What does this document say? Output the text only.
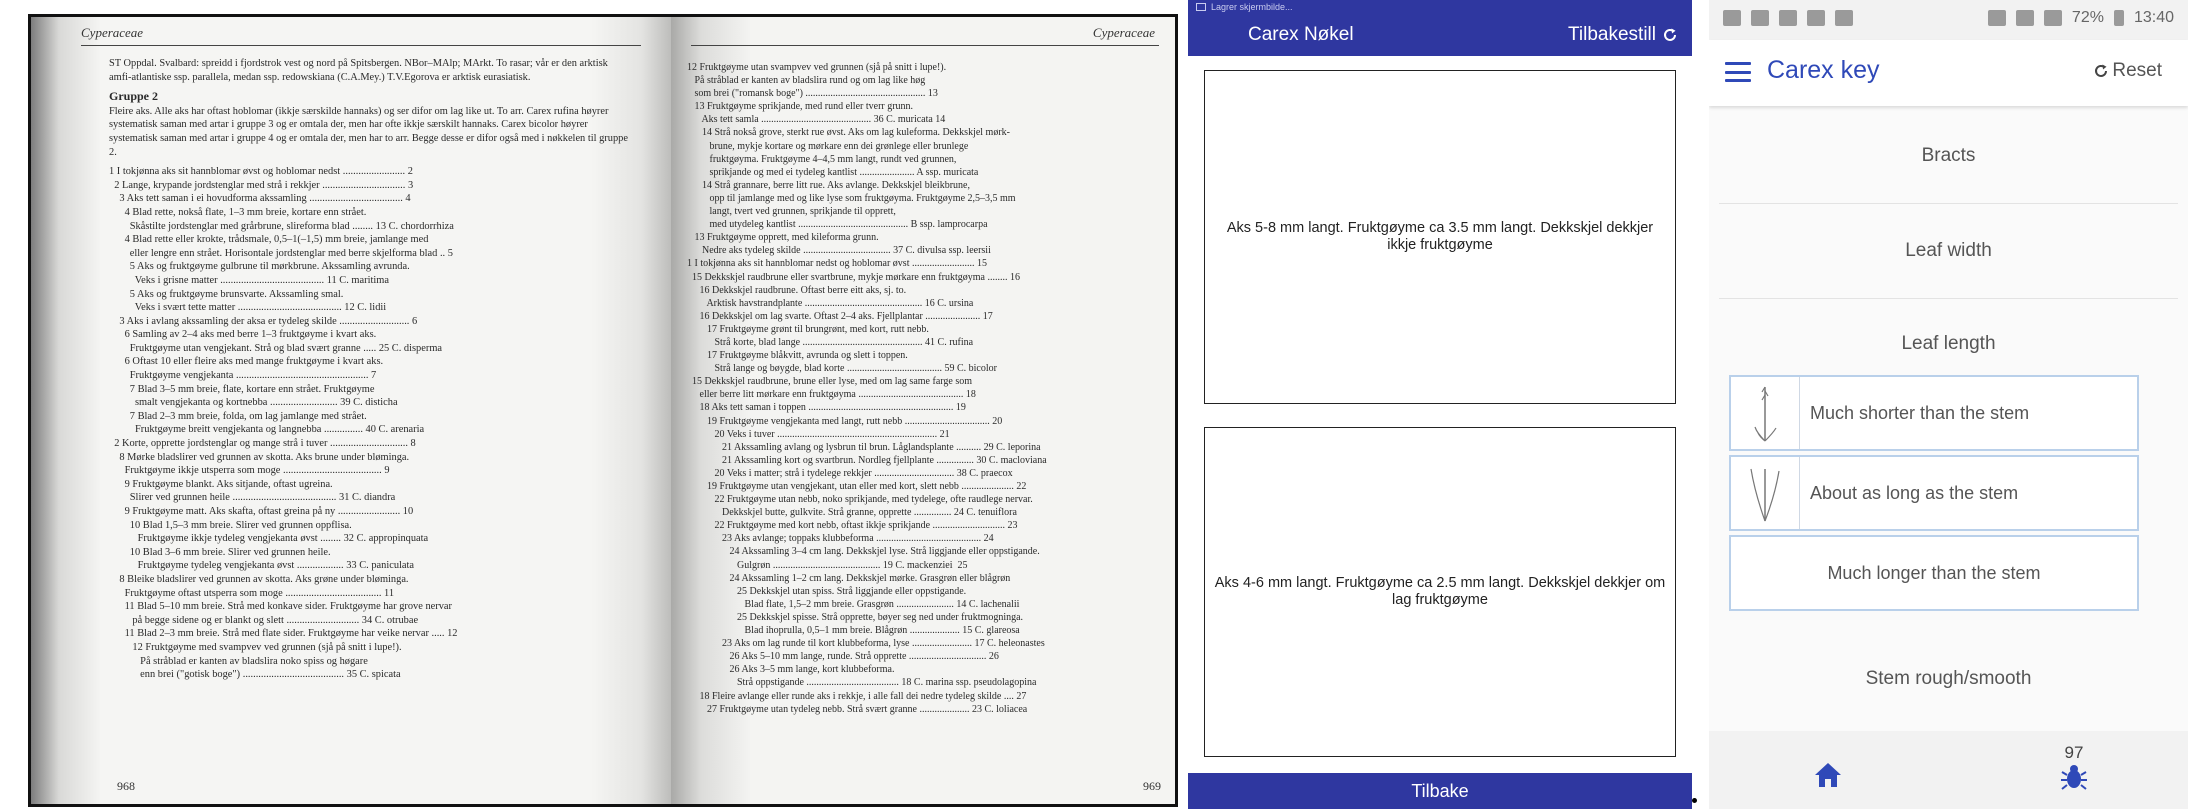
Cyperaceae

ST Oppdal. Svalbard: spreidd i fjordstrok vest og nord på Spitsbergen. NBor–MAlp; MArkt. To rasar; vår er den arktisk amfi-atlantiske ssp. parallela, medan ssp. redowskiana (C.A.Mey.) T.V.Egorova er arktisk eurasiatisk.

Gruppe 2

Fleire aks. Alle aks har oftast hoblomar (ikkje særskilde hannaks) og ser difor om lag like ut. To arr. Carex rufina høyrer systematisk saman med artar i gruppe 3 og er omtala der, men har ofte ikkje særskilt hannaks. Carex bicolor høyrer systematisk saman med artar i gruppe 4 og er omtala der, men har to arr. Begge desse er difor også med i nøkkelen til gruppe 2.

1 I tokjønna aks sit hannblomar øvst og hoblomar nedst ........................ 2
2 Lange, krypande jordstenglar med strå i rekkjer ................................ 3
3 Aks tett saman i ei hovudforma akssamling .................................... 4
4 Blad rette, nokså flate, 1–3 mm breie, kortare enn strået.
Skåstilte jordstenglar med grårbrune, slireforma blad ........ 13 C. chordorrhiza
4 Blad rette eller krokte, trådsmale, 0,5–1(–1,5) mm breie, jamlange med
eller lengre enn strået. Horisontale jordstenglar med berre skjelforma blad .. 5
5 Aks og fruktgøyme gulbrune til mørkbrune. Akssamling avrunda.
Veks i grisne matter ........................................ 11 C. maritima
5 Aks og fruktgøyme brunsvarte. Akssamling smal.
Veks i svært tette matter ........................................ 12 C. lidii
3 Aks i avlang akssamling der aksa er tydeleg skilde ........................... 6
6 Samling av 2–4 aks med berre 1–3 fruktgøyme i kvart aks.
Fruktgøyme utan vengjekant. Strå og blad svært granne ..... 25 C. disperma
6 Oftast 10 eller fleire aks med mange fruktgøyme i kvart aks.
Fruktgøyme vengjekanta ................................................... 7
7 Blad 3–5 mm breie, flate, kortare enn strået. Fruktgøyme
smalt vengjekanta og kortnebba .......................... 39 C. disticha
7 Blad 2–3 mm breie, folda, om lag jamlange med strået.
Fruktgøyme breitt vengjekanta og langnebba ............... 40 C. arenaria
2 Korte, opprette jordstenglar og mange strå i tuver .............................. 8
8 Mørke bladslirer ved grunnen av skotta. Aks brune under bløminga.
Fruktgøyme ikkje utsperra som moge ...................................... 9
9 Fruktgøyme blankt. Aks sitjande, oftast ugreina.
Slirer ved grunnen heile ........................................ 31 C. diandra
9 Fruktgøyme matt. Aks skafta, oftast greina på ny ........................ 10
10 Blad 1,5–3 mm breie. Slirer ved grunnen oppflisa.
Fruktgøyme ikkje tydeleg vengjekanta øvst ........ 32 C. appropinquata
10 Blad 3–6 mm breie. Slirer ved grunnen heile.
Fruktgøyme tydeleg vengjekanta øvst .................. 33 C. paniculata
8 Bleike bladslirer ved grunnen av skotta. Aks grøne under bløminga.
Fruktgøyme oftast utsperra som moge ..................................... 11
11 Blad 5–10 mm breie. Strå med konkave sider. Fruktgøyme har grove nervar
på begge sidene og er blankt og slett ............................ 34 C. otrubae
11 Blad 2–3 mm breie. Strå med flate sider. Fruktgøyme har veike nervar ..... 12
12 Fruktgøyme med svampvev ved grunnen (sjå på snitt i lupe!).
På stråblad er kanten av bladslira noko spiss og høgare
enn brei ("gotisk boge") ....................................... 35 C. spicata
968
Cyperaceae
12 Fruktgøyme utan svampvev ved grunnen (sjå på snitt i lupe!).
På stråblad er kanten av bladslira rund og om lag like høg
som brei ("romansk boge") ................................................ 13
13 Fruktgøyme sprikjande, med rund eller tverr grunn.
Aks tett samla ............................................ 36 C. muricata 14
14 Strå nokså grove, sterkt rue øvst. Aks om lag kuleforma. Dekkskjel mørk-
brune, mykje kortare og mørkare enn dei grønlege eller brunlege
fruktgøyma. Fruktgøyme 4–4,5 mm langt, rundt ved grunnen,
sprikjande og med ei tydeleg kantlist ...................... A ssp. muricata
14 Strå grannare, berre litt rue. Aks avlange. Dekkskjel bleikbrune,
opp til jamlange med og like lyse som fruktgøyma. Fruktgøyme 2,5–3,5 mm
langt, tvert ved grunnen, sprikjande til opprett,
med utydeleg kantlist ............................................ B ssp. lamprocarpa
13 Fruktgøyme opprett, med kileforma grunn.
Nedre aks tydeleg skilde ................................... 37 C. divulsa ssp. leersii
1 I tokjønna aks sit hannblomar nedst og hoblomar øvst ......................... 15
15 Dekkskjel raudbrune eller svartbrune, mykje mørkare enn fruktgøyma ........ 16
16 Dekkskjel raudbrune. Oftast berre eitt aks, sj. to.
Arktisk havstrandplante ............................................... 16 C. ursina
16 Dekkskjel om lag svarte. Oftast 2–4 aks. Fjellplantar ...................... 17
17 Fruktgøyme grønt til brungrønt, med kort, rutt nebb.
Strå korte, blad lange ................................................ 41 C. rufina
17 Fruktgøyme blåkvitt, avrunda og slett i toppen.
Strå lange og bøygde, blad korte ...................................... 59 C. bicolor
15 Dekkskjel raudbrune, brune eller lyse, med om lag same farge som
eller berre litt mørkare enn fruktgøyma .......................................... 18
18 Aks tett saman i toppen .......................................................... 19
19 Fruktgøyme vengjekanta med langt, rutt nebb .................................. 20
20 Veks i tuver ................................................................ 21
21 Akssamling avlang og lysbrun til brun. Låglandsplante .......... 29 C. leporina
21 Akssamling kort og svartbrun. Nordleg fjellplante ............... 30 C. macloviana
20 Veks i matter; strå i tydelege rekkjer ................................ 38 C. praecox
19 Fruktgøyme utan vengjekant, utan eller med kort, slett nebb ..................... 22
22 Fruktgøyme utan nebb, noko sprikjande, med tydelege, ofte raudlege nervar.
Dekkskjel butte, gulkvite. Strå granne, opprette ............... 24 C. tenuiflora
22 Fruktgøyme med kort nebb, oftast ikkje sprikjande ............................. 23
23 Aks avlange; toppaks klubbeforma .......................................... 24
24 Akssamling 3–4 cm lang. Dekkskjel lyse. Strå liggjande eller oppstigande.
Gulgrøn ........................................... 19 C. mackenziei  25
24 Akssamling 1–2 cm lang. Dekkskjel mørke. Grasgrøn eller blågrøn
25 Dekkskjel utan spiss. Strå liggjande eller oppstigande.
Blad flate, 1,5–2 mm breie. Grasgrøn ....................... 14 C. lachenalii
25 Dekkskjel spisse. Strå opprette, bøyer seg ned under fruktmogninga.
Blad ihoprulla, 0,5–1 mm breie. Blågrøn .................... 15 C. glareosa
23 Aks om lag runde til kort klubbeforma, lyse ........................ 17 C. heleonastes
26 Aks 5–10 mm lange, runde. Strå opprette ............................... 26
26 Aks 3–5 mm lange, kort klubbeforma.
Strå oppstigande ..................................... 18 C. marina ssp. pseudolagopina
18 Fleire avlange eller runde aks i rekkje, i alle fall dei nedre tydeleg skilde .... 27
27 Fruktgøyme utan tydeleg nebb. Strå svært granne .................... 23 C. loliacea
969
Lagrer skjermbilde...
Carex Nøkel	Tilbakestill
Aks 5-8 mm langt. Fruktgøyme ca 3.5 mm langt. Dekkskjel dekkjer ikkje fruktgøyme
Aks 4-6 mm langt. Fruktgøyme ca 2.5 mm langt. Dekkskjel dekkjer om lag fruktgøyme
Tilbake
72% 13:40
Carex key	Reset
Bracts
Leaf width
Leaf length
Much shorter than the stem
About as long as the stem
Much longer than the stem
Stem rough/smooth
97
